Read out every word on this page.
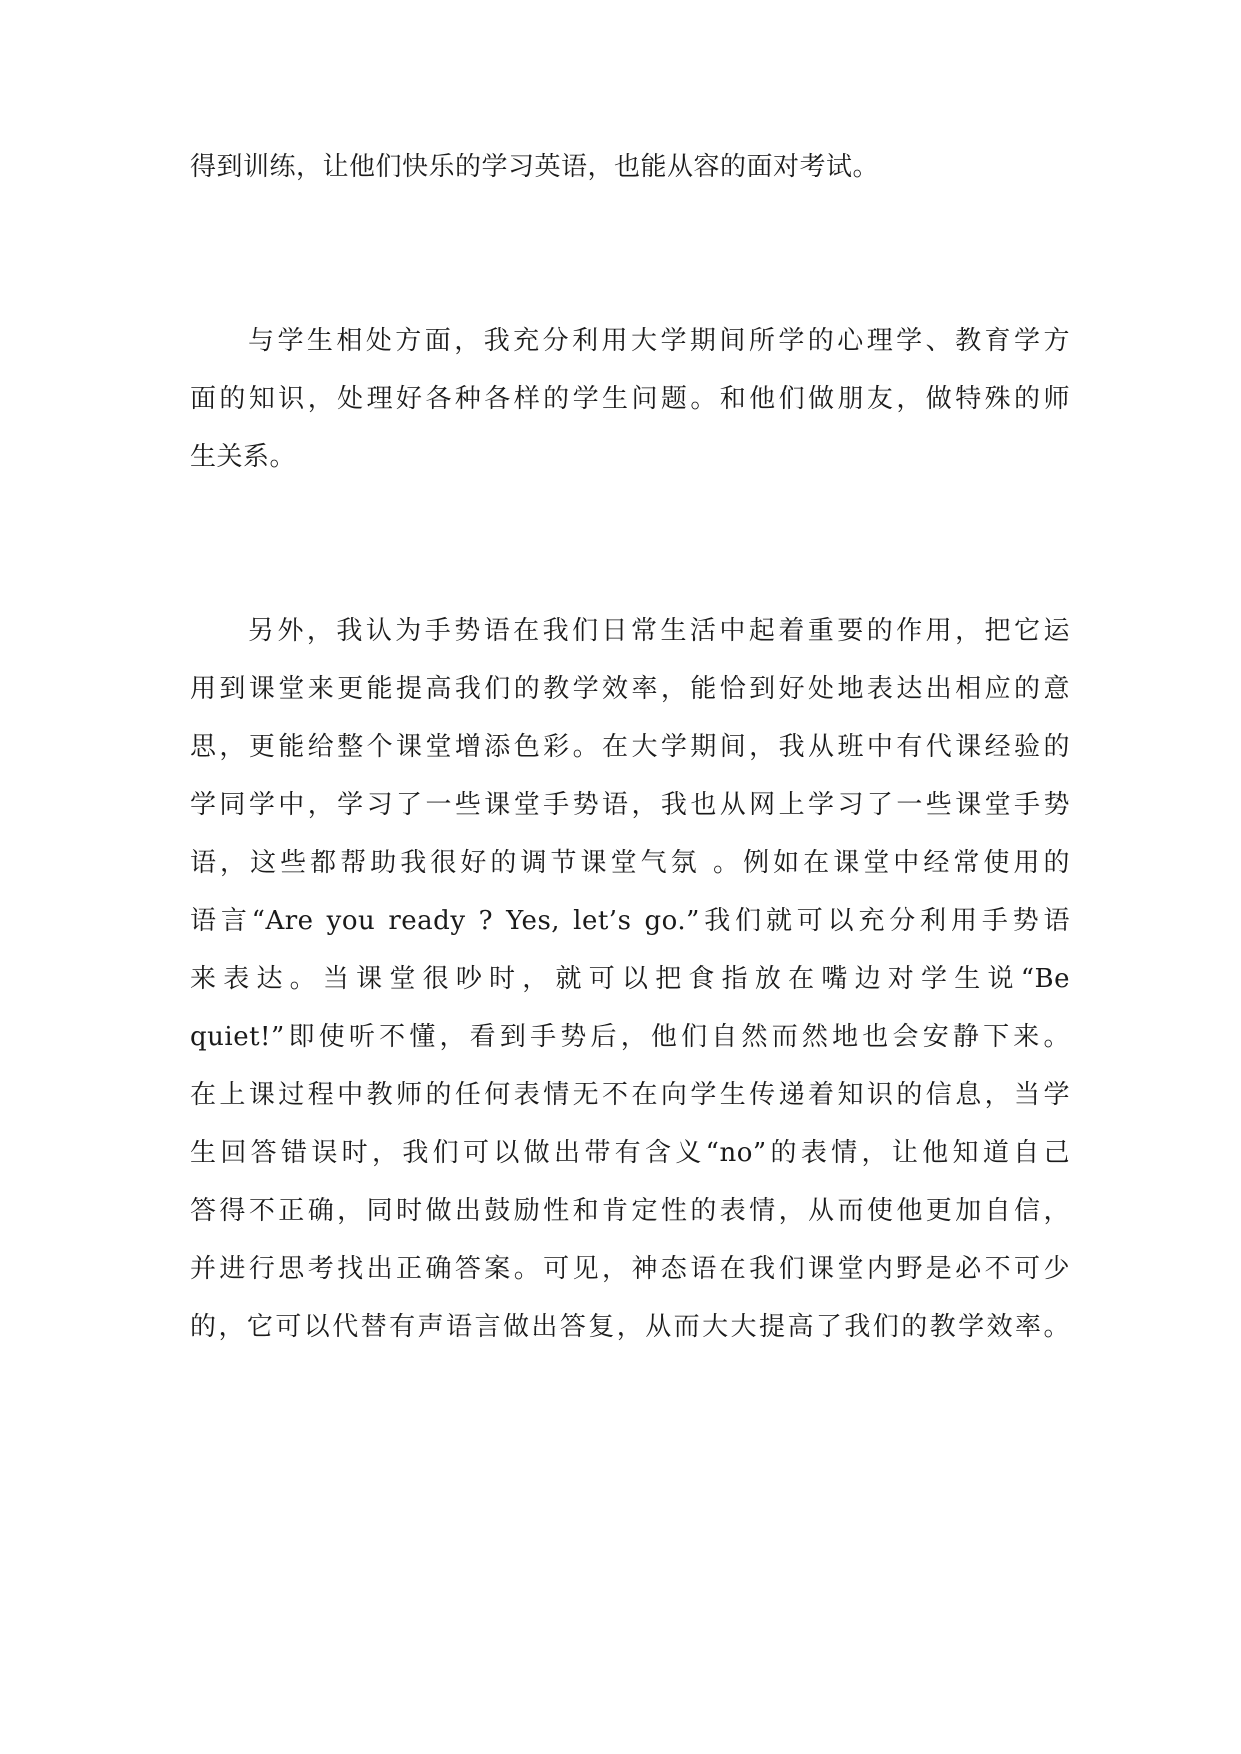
得到训练，让他们快乐的学习英语，也能从容的面对考试。
与学生相处方面，我充分利用大学期间所学的心理学、教育学方
面的知识，处理好各种各样的学生问题。和他们做朋友，做特殊的师
生关系。
另外，我认为手势语在我们日常生活中起着重要的作用，把它运
用到课堂来更能提高我们的教学效率，能恰到好处地表达出相应的意
思，更能给整个课堂增添色彩。在大学期间，我从班中有代课经验的
学同学中，学习了一些课堂手势语，我也从网上学习了一些课堂手势
语，这些都帮助我很好的调节课堂气氛 。例如在课堂中经常使用的
语言“Are you ready ? Yes, let’s go.”我们就可以充分利用手势语
来表达。当课堂很吵时，就可以把食指放在嘴边对学生说“Be
quiet!”即使听不懂，看到手势后，他们自然而然地也会安静下来。
在上课过程中教师的任何表情无不在向学生传递着知识的信息，当学
生回答错误时，我们可以做出带有含义“no”的表情，让他知道自己
答得不正确，同时做出鼓励性和肯定性的表情，从而使他更加自信，
并进行思考找出正确答案。可见，神态语在我们课堂内野是必不可少
的，它可以代替有声语言做出答复，从而大大提高了我们的教学效率。
